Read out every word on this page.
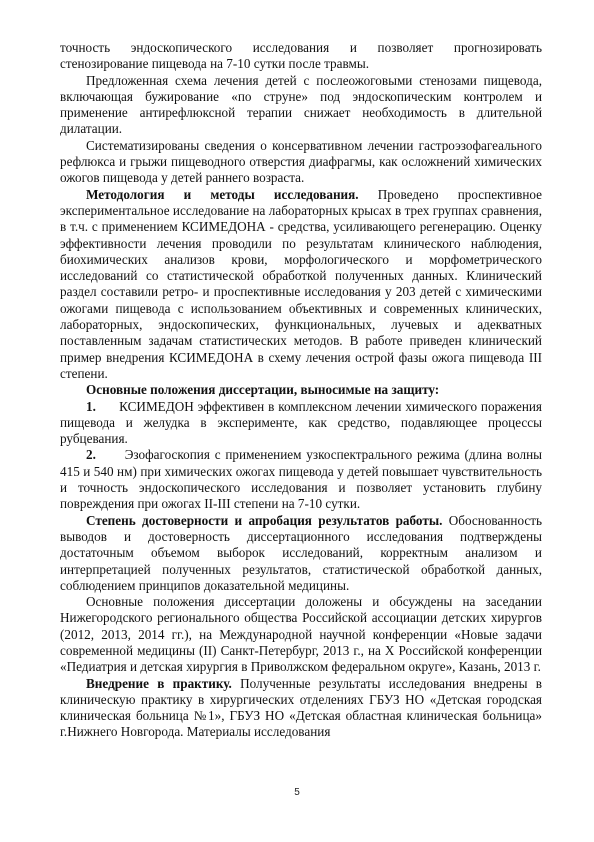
точность эндоскопического исследования и позволяет прогнозировать стенозирование пищевода на 7-10 сутки после травмы.

Предложенная схема лечения детей с послеожоговыми стенозами пищевода, включающая бужирование «по струне» под эндоскопическим контролем и применение антирефлюксной терапии снижает необходимость в длительной дилатации.

Систематизированы сведения о консервативном лечении гастроэзофагеального рефлюкса и грыжи пищеводного отверстия диафрагмы, как осложнений химических ожогов пищевода у детей раннего возраста.

Методология и методы исследования. Проведено проспективное экспериментальное исследование на лабораторных крысах в трех группах сравнения, в т.ч. с применением КСИМЕДОНА - средства, усиливающего регенерацию. Оценку эффективности лечения проводили по результатам клинического наблюдения, биохимических анализов крови, морфологического и морфометрического исследований со статистической обработкой полученных данных. Клинический раздел составили ретро- и проспективные исследования у 203 детей с химическими ожогами пищевода с использованием объективных и современных клинических, лабораторных, эндоскопических, функциональных, лучевых и адекватных поставленным задачам статистических методов. В работе приведен клинический пример внедрения КСИМЕДОНА в схему лечения острой фазы ожога пищевода III степени.

Основные положения диссертации, выносимые на защиту:

1. КСИМЕДОН эффективен в комплексном лечении химического поражения пищевода и желудка в эксперименте, как средство, подавляющее процессы рубцевания.

2. Эзофагоскопия с применением узкоспектрального режима (длина волны 415 и 540 нм) при химических ожогах пищевода у детей повышает чувствительность и точность эндоскопического исследования и позволяет установить глубину повреждения при ожогах II-III степени на 7-10 сутки.

Степень достоверности и апробация результатов работы. Обоснованность выводов и достоверность диссертационного исследования подтверждены достаточным объемом выборок исследований, корректным анализом и интерпретацией полученных результатов, статистической обработкой данных, соблюдением принципов доказательной медицины.

Основные положения диссертации доложены и обсуждены на заседании Нижегородского регионального общества Российской ассоциации детских хирургов (2012, 2013, 2014 гг.), на Международной научной конференции «Новые задачи современной медицины (II) Санкт-Петербург, 2013 г., на X Российской конференции «Педиатрия и детская хирургия в Приволжском федеральном округе», Казань, 2013 г.

Внедрение в практику. Полученные результаты исследования внедрены в клиническую практику в хирургических отделениях ГБУЗ НО «Детская городская клиническая больница №1», ГБУЗ НО «Детская областная клиническая больница» г.Нижнего Новгорода. Материалы исследования

5
